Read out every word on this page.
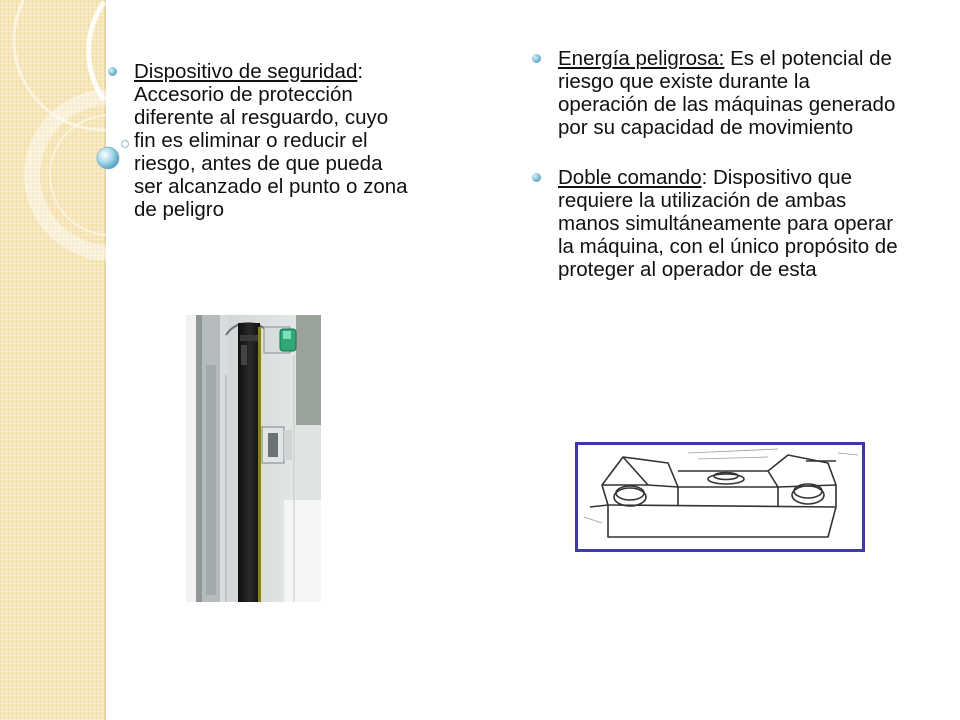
Dispositivo de seguridad: Accesorio de protección diferente al resguardo, cuyo fin es eliminar o reducir el riesgo, antes de que pueda ser alcanzado el punto o zona de peligro
Energía peligrosa: Es el potencial de riesgo que existe durante la operación de las máquinas generado por su capacidad de movimiento
Doble comando: Dispositivo que requiere la utilización de ambas manos simultáneamente para operar la máquina, con el único propósito de proteger al operador de esta
